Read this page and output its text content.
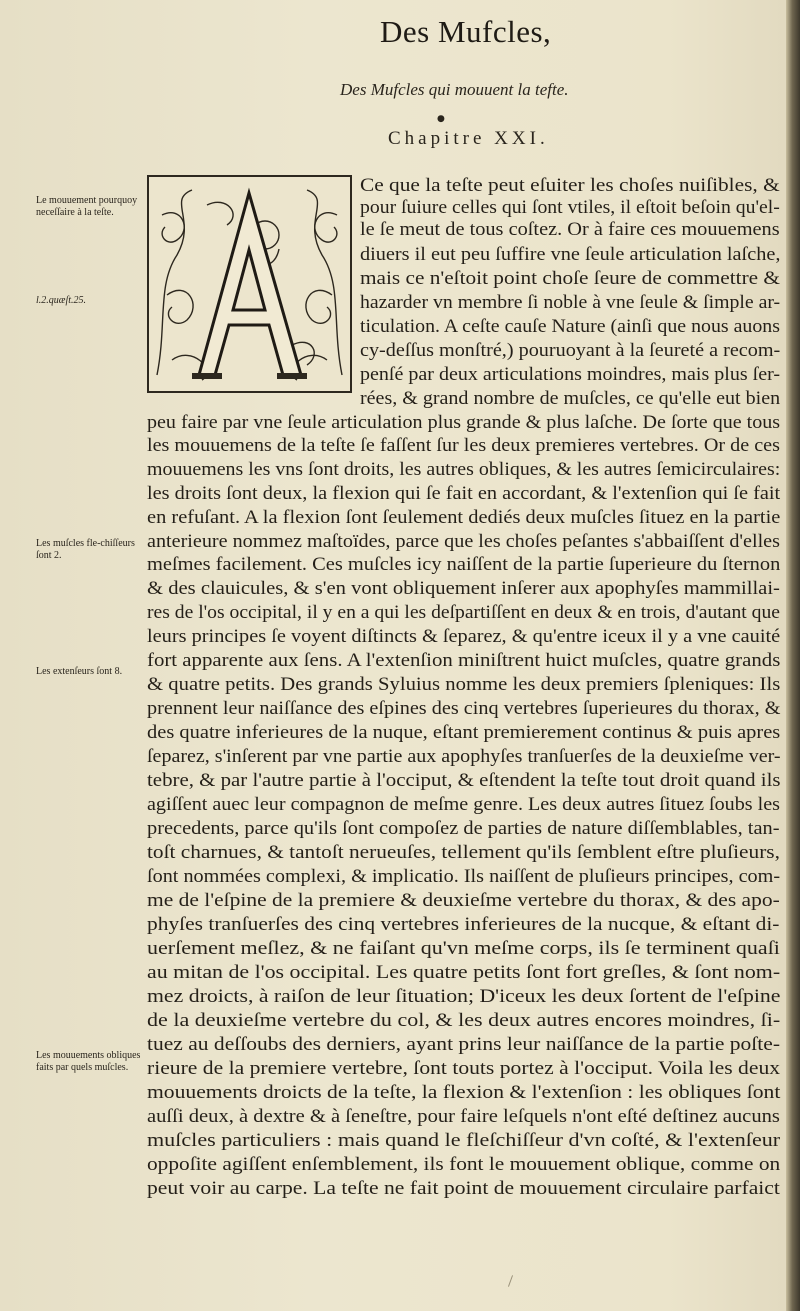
Des Mufcles,
Des Mufcles qui mouuent la tefte.
●
Chapitre XXI.
Le mouuement pourquoy neceſſaire à la teſte.
l.2.quæſt.25.
Les muſcles fle-chiſſeurs ſont 2.
Les extenſeurs ſont 8.
Les mouuements obliques faits par quels muſcles.
Ce que la teſte peut eſuiter les choſes nuiſibles, &
pour ſuiure celles qui ſont vtiles, il eſtoit beſoin qu'el-
le ſe meut de tous coſtez. Or à faire ces mouuemens
diuers il eut peu ſuffire vne ſeule articulation laſche,
mais ce n'eſtoit point choſe ſeure de commettre &
hazarder vn membre ſi noble à vne ſeule & ſimple ar-
ticulation. A ceſte cauſe Nature (ainſi que nous auons
cy-deſſus monſtré,) pouruoyant à la ſeureté a recom-
penſé par deux articulations moindres, mais plus ſer-
rées, & grand nombre de muſcles, ce qu'elle eut bien
peu faire par vne ſeule articulation plus grande & plus laſche. De ſorte que tous
les mouuemens de la teſte ſe faſſent ſur les deux premieres vertebres. Or de ces
mouuemens les vns ſont droits, les autres obliques, & les autres ſemicirculaires:
les droits ſont deux, la flexion qui ſe fait en accordant, & l'extenſion qui ſe fait
en refuſant. A la flexion ſont ſeulement dediés deux muſcles ſituez en la partie
anterieure nommez maſtoïdes, parce que les choſes peſantes s'abbaiſſent d'elles
meſmes facilement. Ces muſcles icy naiſſent de la partie ſuperieure du ſternon
& des clauicules, & s'en vont obliquement inſerer aux apophyſes mammillai-
res de l'os occipital, il y en a qui les deſpartiſſent en deux & en trois, d'autant que
leurs principes ſe voyent diſtincts & ſeparez, & qu'entre iceux il y a vne cauité
fort apparente aux ſens. A l'extenſion miniſtrent huict muſcles, quatre grands
& quatre petits. Des grands Syluius nomme les deux premiers ſpleniques: Ils
prennent leur naiſſance des eſpines des cinq vertebres ſuperieures du thorax, &
des quatre inferieures de la nuque, eſtant premierement continus & puis apres
ſeparez, s'inſerent par vne partie aux apophyſes tranſuerſes de la deuxieſme ver-
tebre, & par l'autre partie à l'occiput, & eſtendent la teſte tout droit quand ils
agiſſent auec leur compagnon de meſme genre. Les deux autres ſituez ſoubs les
precedents, parce qu'ils ſont compoſez de parties de nature diſſemblables, tan-
toſt charnues, & tantoſt nerueuſes, tellement qu'ils ſemblent eſtre pluſieurs,
ſont nommées complexi, & implicatio. Ils naiſſent de pluſieurs principes, com-
me de l'eſpine de la premiere & deuxieſme vertebre du thorax, & des apo-
phyſes tranſuerſes des cinq vertebres inferieures de la nucque, & eſtant di-
uerſement meſlez, & ne faiſant qu'vn meſme corps, ils ſe terminent quaſi
au mitan de l'os occipital. Les quatre petits ſont fort greſles, & ſont nom-
mez droicts, à raiſon de leur ſituation; D'iceux les deux ſortent de l'eſpine
de la deuxieſme vertebre du col, & les deux autres encores moindres, ſi-
tuez au deſſoubs des derniers, ayant prins leur naiſſance de la partie poſte-
rieure de la premiere vertebre, ſont touts portez à l'occiput. Voila les deux
mouuements droicts de la teſte, la flexion & l'extenſion : les obliques ſont
auſſi deux, à dextre & à ſeneſtre, pour faire leſquels n'ont eſté deſtinez aucuns
muſcles particuliers : mais quand le fleſchiſſeur d'vn coſté, & l'extenſeur
oppoſite agiſſent enſemblement, ils font le mouuement oblique, comme on
peut voir au carpe. La teſte ne fait point de mouuement circulaire parfaict
